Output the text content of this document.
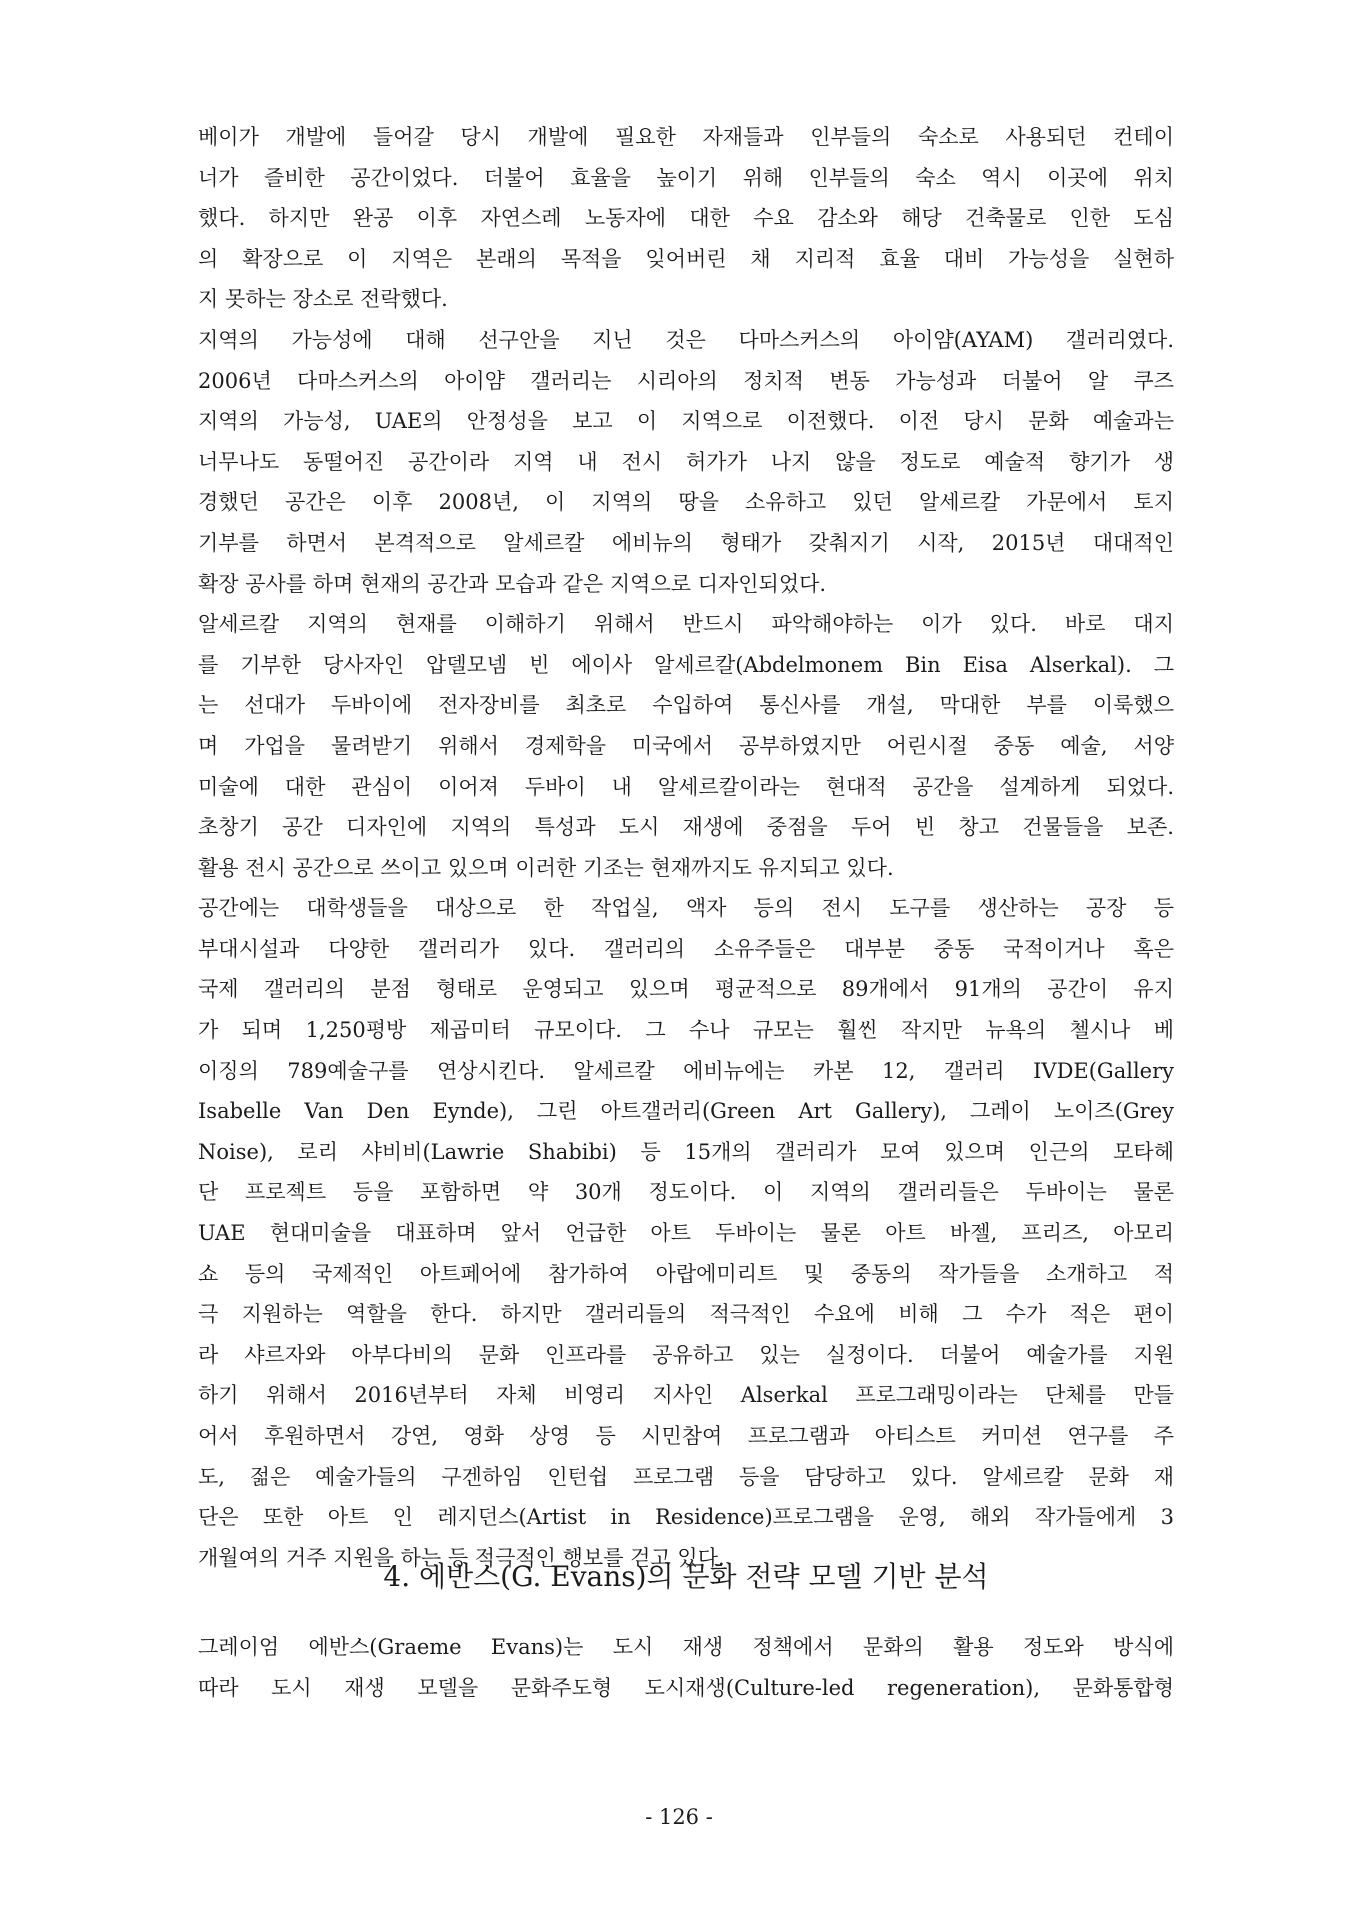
베이가 개발에 들어갈 당시 개발에 필요한 자재들과 인부들의 숙소로 사용되던 컨테이
너가 즐비한 공간이었다. 더불어 효율을 높이기 위해 인부들의 숙소 역시 이곳에 위치
했다. 하지만 완공 이후 자연스레 노동자에 대한 수요 감소와 해당 건축물로 인한 도심
의 확장으로 이 지역은 본래의 목적을 잊어버린 채 지리적 효율 대비 가능성을 실현하
지 못하는 장소로 전락했다.
지역의 가능성에 대해 선구안을 지닌 것은 다마스커스의 아이얌(AYAM) 갤러리였다.
2006년 다마스커스의 아이얌 갤러리는 시리아의 정치적 변동 가능성과 더불어 알 쿠즈
지역의 가능성, UAE의 안정성을 보고 이 지역으로 이전했다. 이전 당시 문화 예술과는
너무나도 동떨어진 공간이라 지역 내 전시 허가가 나지 않을 정도로 예술적 향기가 생
경했던 공간은 이후 2008년, 이 지역의 땅을 소유하고 있던 알세르칼 가문에서 토지
기부를 하면서 본격적으로 알세르칼 에비뉴의 형태가 갖춰지기 시작, 2015년 대대적인
확장 공사를 하며 현재의 공간과 모습과 같은 지역으로 디자인되었다.
알세르칼 지역의 현재를 이해하기 위해서 반드시 파악해야하는 이가 있다. 바로 대지
를 기부한 당사자인 압델모넴 빈 에이사 알세르칼(Abdelmonem Bin Eisa Alserkal). 그
는 선대가 두바이에 전자장비를 최초로 수입하여 통신사를 개설, 막대한 부를 이룩했으
며 가업을 물려받기 위해서 경제학을 미국에서 공부하였지만 어린시절 중동 예술, 서양
미술에 대한 관심이 이어져 두바이 내 알세르칼이라는 현대적 공간을 설계하게 되었다.
초창기 공간 디자인에 지역의 특성과 도시 재생에 중점을 두어 빈 창고 건물들을 보존.
활용 전시 공간으로 쓰이고 있으며 이러한 기조는 현재까지도 유지되고 있다.
공간에는 대학생들을 대상으로 한 작업실, 액자 등의 전시 도구를 생산하는 공장 등
부대시설과 다양한 갤러리가 있다. 갤러리의 소유주들은 대부분 중동 국적이거나 혹은
국제 갤러리의 분점 형태로 운영되고 있으며 평균적으로 89개에서 91개의 공간이 유지
가 되며 1,250평방 제곱미터 규모이다. 그 수나 규모는 훨씬 작지만 뉴욕의 첼시나 베
이징의 789예술구를 연상시킨다. 알세르칼 에비뉴에는 카본 12, 갤러리 IVDE(Gallery
Isabelle Van Den Eynde), 그린 아트갤러리(Green Art Gallery), 그레이 노이즈(Grey
Noise), 로리 샤비비(Lawrie Shabibi) 등 15개의 갤러리가 모여 있으며 인근의 모타헤
단 프로젝트 등을 포함하면 약 30개 정도이다. 이 지역의 갤러리들은 두바이는 물론
UAE 현대미술을 대표하며 앞서 언급한 아트 두바이는 물론 아트 바젤, 프리즈, 아모리
쇼 등의 국제적인 아트페어에 참가하여 아랍에미리트 및 중동의 작가들을 소개하고 적
극 지원하는 역할을 한다. 하지만 갤러리들의 적극적인 수요에 비해 그 수가 적은 편이
라 샤르자와 아부다비의 문화 인프라를 공유하고 있는 실정이다. 더불어 예술가를 지원
하기 위해서 2016년부터 자체 비영리 지사인 Alserkal 프로그래밍이라는 단체를 만들
어서 후원하면서 강연, 영화 상영 등 시민참여 프로그램과 아티스트 커미션 연구를 주
도, 젊은 예술가들의 구겐하임 인턴쉽 프로그램 등을 담당하고 있다. 알세르칼 문화 재
단은 또한 아트 인 레지던스(Artist in Residence)프로그램을 운영, 해외 작가들에게 3
개월여의 거주 지원을 하는 등 적극적인 행보를 걷고 있다.
4. 에반스(G. Evans)의 문화 전략 모델 기반 분석
그레이엄 에반스(Graeme Evans)는 도시 재생 정책에서 문화의 활용 정도와 방식에
따라 도시 재생 모델을 문화주도형 도시재생(Culture-led regeneration), 문화통합형
- 126 -
